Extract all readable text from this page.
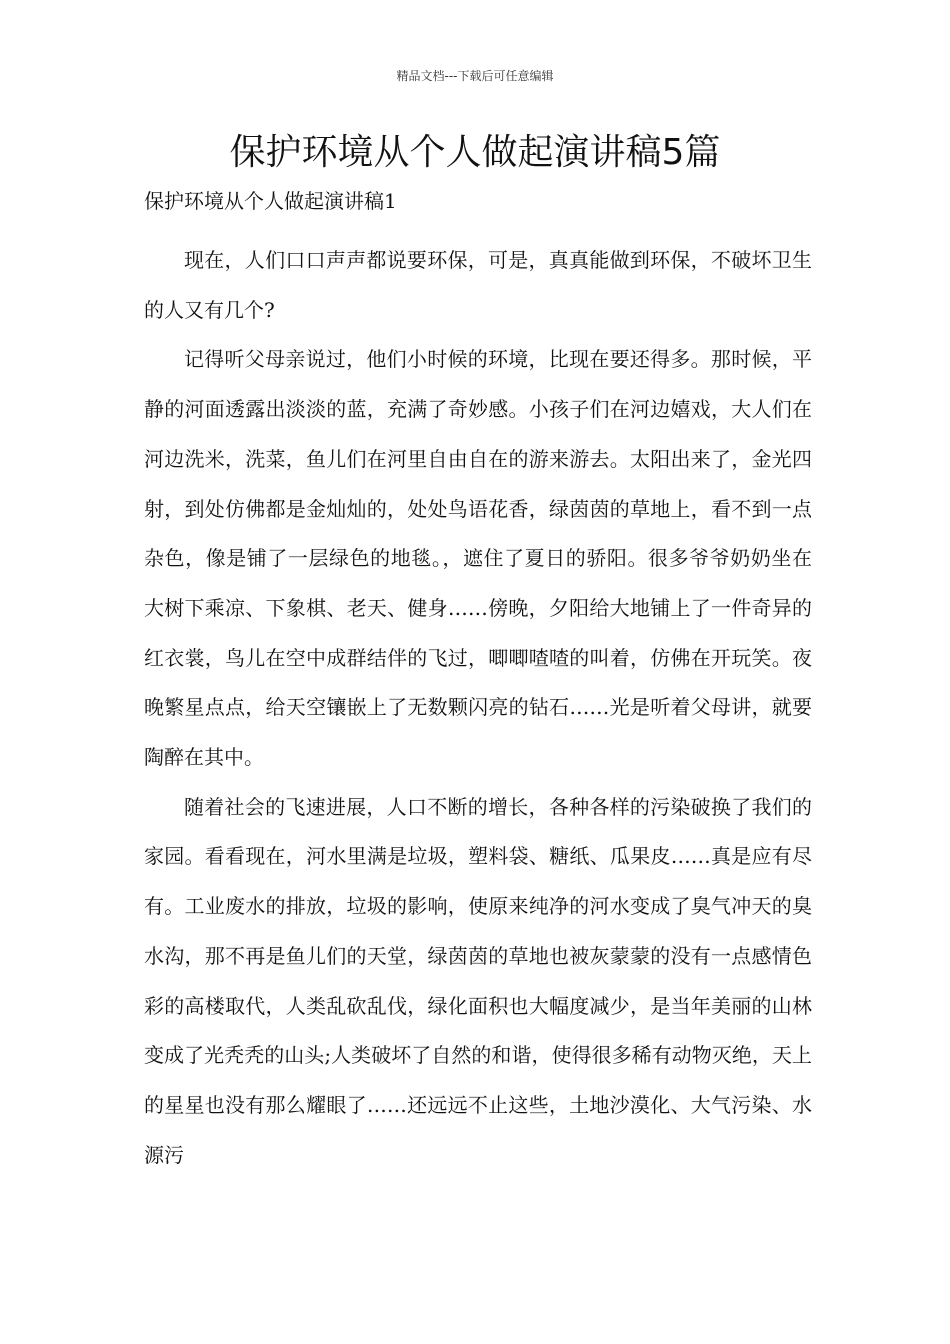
精品文档---下载后可任意编辑
保护环境从个人做起演讲稿5篇
保护环境从个人做起演讲稿1

现在，人们口口声声都说要环保，可是，真真能做到环保，不破坏卫生的人又有几个?

记得听父母亲说过，他们小时候的环境，比现在要还得多。那时候，平静的河面透露出淡淡的蓝，充满了奇妙感。小孩子们在河边嬉戏，大人们在河边洗米，洗菜，鱼儿们在河里自由自在的游来游去。太阳出来了，金光四射，到处仿佛都是金灿灿的，处处鸟语花香，绿茵茵的草地上，看不到一点杂色，像是铺了一层绿色的地毯。，遮住了夏日的骄阳。很多爷爷奶奶坐在大树下乘凉、下象棋、老天、健身……傍晚，夕阳给大地铺上了一件奇异的红衣裳，鸟儿在空中成群结伴的飞过，唧唧喳喳的叫着，仿佛在开玩笑。夜晚繁星点点，给天空镶嵌上了无数颗闪亮的钻石……光是听着父母讲，就要陶醉在其中。

随着社会的飞速进展，人口不断的增长，各种各样的污染破换了我们的家园。看看现在，河水里满是垃圾，塑料袋、糖纸、瓜果皮……真是应有尽有。工业废水的排放，垃圾的影响，使原来纯净的河水变成了臭气冲天的臭水沟，那不再是鱼儿们的天堂，绿茵茵的草地也被灰蒙蒙的没有一点感情色彩的高楼取代，人类乱砍乱伐，绿化面积也大幅度减少，是当年美丽的山林变成了光秃秃的山头;人类破坏了自然的和谐，使得很多稀有动物灭绝，天上的星星也没有那么耀眼了……还远远不止这些，土地沙漠化、大气污染、水源污
